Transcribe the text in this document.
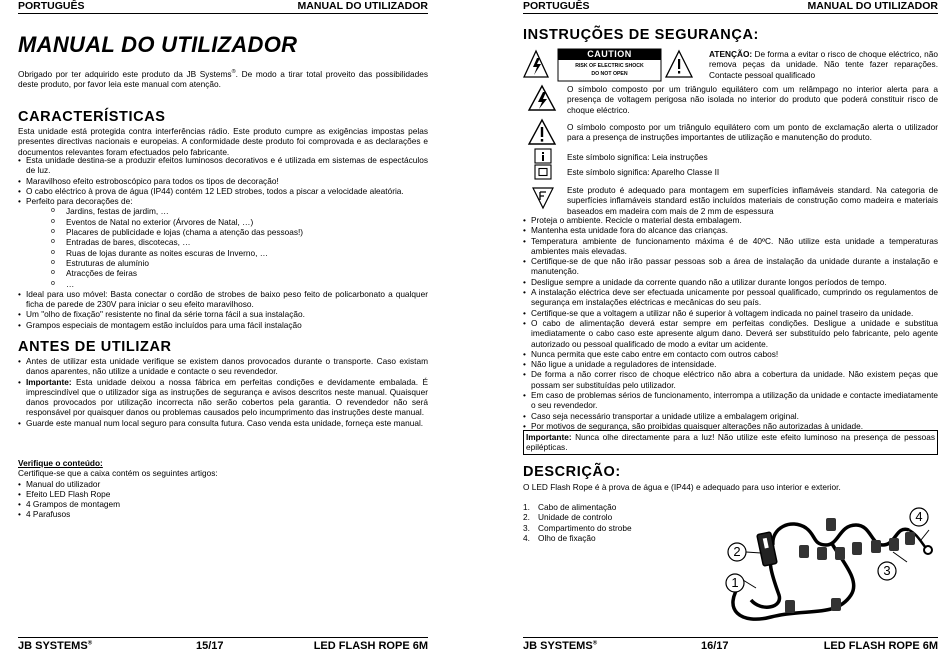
PORTUGUÊS	MANUAL DO UTILIZADOR
MANUAL DO UTILIZADOR
Obrigado por ter adquirido este produto da JB Systems®. De modo a tirar total proveito das possibilidades deste produto, por favor leia este manual com atenção.
CARACTERÍSTICAS
Esta unidade está protegida contra interferências rádio. Este produto cumpre as exigências impostas pelas presentes directivas nacionais e europeias. A conformidade deste produto foi comprovada e as declarações e documentos relevantes foram efectuados pelo fabricante.
• Esta unidade destina-se a produzir efeitos luminosos decorativos e é utilizada em sistemas de espectáculos de luz.
• Maravilhoso efeito estroboscópico para todos os tipos de decoração!
• O cabo eléctrico à prova de água (IP44) contém 12 LED strobes, todos a piscar a velocidade aleatória.
• Perfeito para decorações de:
o Jardins, festas de jardim, …
o Eventos de Natal no exterior (Árvores de Natal, …)
o Placares de publicidade e lojas (chama a atenção das pessoas!)
o Entradas de bares, discotecas, …
o Ruas de lojas durante as noites escuras de Inverno, …
o Estruturas de alumínio
o Atracções de feiras
o …
• Ideal para uso móvel: Basta conectar o cordão de strobes de baixo peso feito de policarbonato a qualquer ficha de parede de 230V para iniciar o seu efeito maravilhoso.
• Um "olho de fixação" resistente no final da série torna fácil a sua instalação.
• Grampos especiais de montagem estão incluídos para uma fácil instalação
ANTES DE UTILIZAR
• Antes de utilizar esta unidade verifique se existem danos provocados durante o transporte. Caso existam danos aparentes, não utilize a unidade e contacte o seu revendedor.
• Importante: Esta unidade deixou a nossa fábrica em perfeitas condições e devidamente embalada. É imprescindível que o utilizador siga as instruções de segurança e avisos descritos neste manual. Quaisquer danos provocados por utilização incorrecta não serão cobertos pela garantia. O revendedor não será responsável por quaisquer danos ou problemas causados pelo incumprimento das instruções deste manual.
• Guarde este manual num local seguro para consulta futura. Caso venda esta unidade, forneça este manual.
Verifique o conteúdo:
Certifique-se que a caixa contém os seguintes artigos:
• Manual do utilizador
• Efeito LED Flash Rope
• 4 Grampos de montagem
• 4 Parafusos
JB SYSTEMS®	15/17	LED FLASH ROPE 6M
PORTUGUÊS	MANUAL DO UTILIZADOR
INSTRUÇÕES DE SEGURANÇA:
CAUTION
RISK OF ELECTRIC SHOCK
DO NOT OPEN
ATENÇÃO: De forma a evitar o risco de choque eléctrico, não remova peças da unidade. Não tente fazer reparações. Contacte pessoal qualificado
O símbolo composto por um triângulo equilátero com um relâmpago no interior alerta para a presença de voltagem perigosa não isolada no interior do produto que poderá constituir risco de choque eléctrico.
O símbolo composto por um triângulo equilátero com um ponto de exclamação alerta o utilizador para a presença de instruções importantes de utilização e manutenção do produto.
Este símbolo significa: Leia instruções
Este símbolo significa: Aparelho Classe II
Este produto é adequado para montagem em superfícies inflamáveis standard. Na categoria de superfícies inflamáveis standard estão incluídos materiais de construção como madeira e materiais baseados em madeira com mais de 2 mm de espessura
• Proteja o ambiente. Recicle o material desta embalagem.
• Mantenha esta unidade fora do alcance das crianças.
• Temperatura ambiente de funcionamento máxima é de 40ºC. Não utilize esta unidade a temperaturas ambientes mais elevadas.
• Certifique-se de que não irão passar pessoas sob a área de instalação da unidade durante a instalação e manutenção.
• Desligue sempre a unidade da corrente quando não a utilizar durante longos períodos de tempo.
• A instalação eléctrica deve ser efectuada unicamente por pessoal qualificado, cumprindo os regulamentos de segurança em instalações eléctricas e mecânicas do seu país.
• Certifique-se que a voltagem a utilizar não é superior à voltagem indicada no painel traseiro da unidade.
• O cabo de alimentação deverá estar sempre em perfeitas condições. Desligue a unidade e substitua imediatamente o cabo caso este apresente algum dano. Deverá ser substituído pelo fabricante, pelo agente autorizado ou pessoal qualificado de modo a evitar um acidente.
• Nunca permita que este cabo entre em contacto com outros cabos!
• Não ligue a unidade a reguladores de intensidade.
• De forma a não correr risco de choque eléctrico não abra a cobertura da unidade. Não existem peças que possam ser substituídas pelo utilizador.
• Em caso de problemas sérios de funcionamento, interrompa a utilização da unidade e contacte imediatamente o seu revendedor.
• Caso seja necessário transportar a unidade utilize a embalagem original.
• Por motivos de segurança, são proibidas quaisquer alterações não autorizadas à unidade.
Importante: Nunca olhe directamente para a luz! Não utilize este efeito luminoso na presença de pessoas epilépticas.
DESCRIÇÃO:
O LED Flash Rope é à prova de água e (IP44) e adequado para uso interior e exterior.
1. Cabo de alimentação
2. Unidade de controlo
3. Compartimento do strobe
4. Olho de fixação
1
2
3
4
JB SYSTEMS®	16/17	LED FLASH ROPE 6M
